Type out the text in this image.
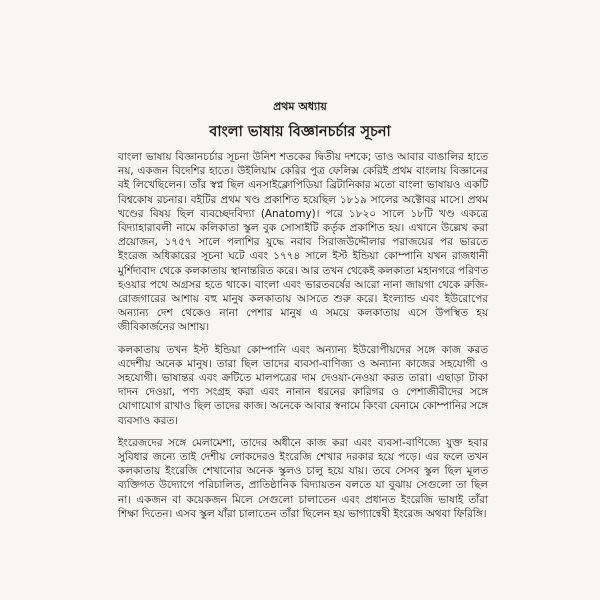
প্রথম অধ্যায়
বাংলা ভাষায় বিজ্ঞানচর্চার সূচনা

বাংলা ভাষায় বিজ্ঞানচর্চার সূচনা উনিশ শতকের দ্বিতীয় দশকে; তাও আবার বাঙালির হাতে নয়, একজন বিদেশির হাতে। উইলিয়াম কেরির পুত্র ফেলিক্স কেরিই প্রথম বাংলায় বিজ্ঞানের বই লিখেছিলেন। তাঁর স্বপ্ন ছিল এনসাইক্লোপিডিয়া ব্রিটানিকার মতো বাংলা ভাষায়ও একটি বিশ্বকোষ রচনার। বইটির প্রথম খণ্ড প্রকাশিত হয়েছিল ১৮১৯ সালের অক্টোবর মাসে। প্রথম খণ্ডের বিষয় ছিল ব্যবচ্ছেদবিদ্যা (Anatomy)। পরে ১৮২০ সালে ১৮টি খণ্ড একত্রে বিদ্যাহারাবলী নামে কলিকাতা স্কুল বুক সোসাইটি কর্তৃক প্রকাশিত হয়। এখানে উল্লেখ করা প্রয়োজন, ১৭৫৭ সালে পলাশির যুদ্ধে নবাব সিরাজউদ্দৌলার পরাজয়ের পর ভারতে ইংরেজ অধিকারের সূচনা ঘটে এবং ১৭৭৪ সালে ইস্ট ইন্ডিয়া কোম্পানি যখন রাজধানী মুর্শিদাবাদ থেকে কলকাতায় স্থানান্তরিত করে। আর তখন থেকেই কলকাতা মহানগরে পরিণত হওয়ার পথে অগ্রসর হতে থাকে। বাংলা এবং ভারতবর্ষের আরো নানা জায়গা থেকে রুজি-রোজগারের আশায় বহু মানুষ কলকাতায় আসতে শুরু করে। ইংল্যান্ড এবং ইউরোপের অন্যান্য দেশ থেকেও নানা পেশার মানুষ এ সময়ে কলকাতায় এসে উপস্থিত হয় জীবিকার্জনের আশায়।

কলকাতায় তখন ইস্ট ইন্ডিয়া কোম্পানি এবং অন্যান্য ইউরোপীয়দের সঙ্গে কাজ করত এদেশীয় অনেক মানুষ। তারা ছিল তাদের ব্যবসা-বাণিজ্য ও অন্যান্য কাজের সহযোগী ও সহযোগী। ভাষান্তর এবং ক্রটিতে মালপত্রের দাম দেওয়া-নেওয়া করত তারা। এছাড়া টাকা দাদন দেওয়া, পণ্য সংগ্রহ করা এবং নানান ধরনের কারিগর ও পেশাজীবীদের সঙ্গে যোগাযোগ রাখাও ছিল তাদের কাজ। অনেকে আবার স্বনামে কিংবা বেনামে কোম্পানির সঙ্গে ব্যবসাও করত।

ইংরেজদের সঙ্গে মেলামেশা, তাদের অধীনে কাজ করা এবং ব্যবসা-বাণিজ্যে যুক্ত হবার সুবিধার জন্যে তাই দেশীয় লোকদেরও ইংরেজি শেখার দরকার হয়ে পড়ে। এর ফলে তখন কলকাতায় ইংরেজি শেখানোর অনেক স্কুলও চালু হয়ে যায়। তবে সেসব স্কুল ছিল মূলত ব্যক্তিগত উদ্যোগে পরিচালিত, প্রাতিষ্ঠানিক বিদ্যায়তন বলতে যা বুঝায় সেগুলো তা ছিল না। একজন বা কয়েকজন মিলে সেগুলো চালাতেন এবং প্রধানত ইংরেজি ভাষাই তাঁরা শিক্ষা দিতেন। এসব স্কুল যাঁরা চালাতেন তাঁরা ছিলেন হয় ভাগ্যান্বেষী ইংরেজ অথবা ফিরিঙ্গি।
